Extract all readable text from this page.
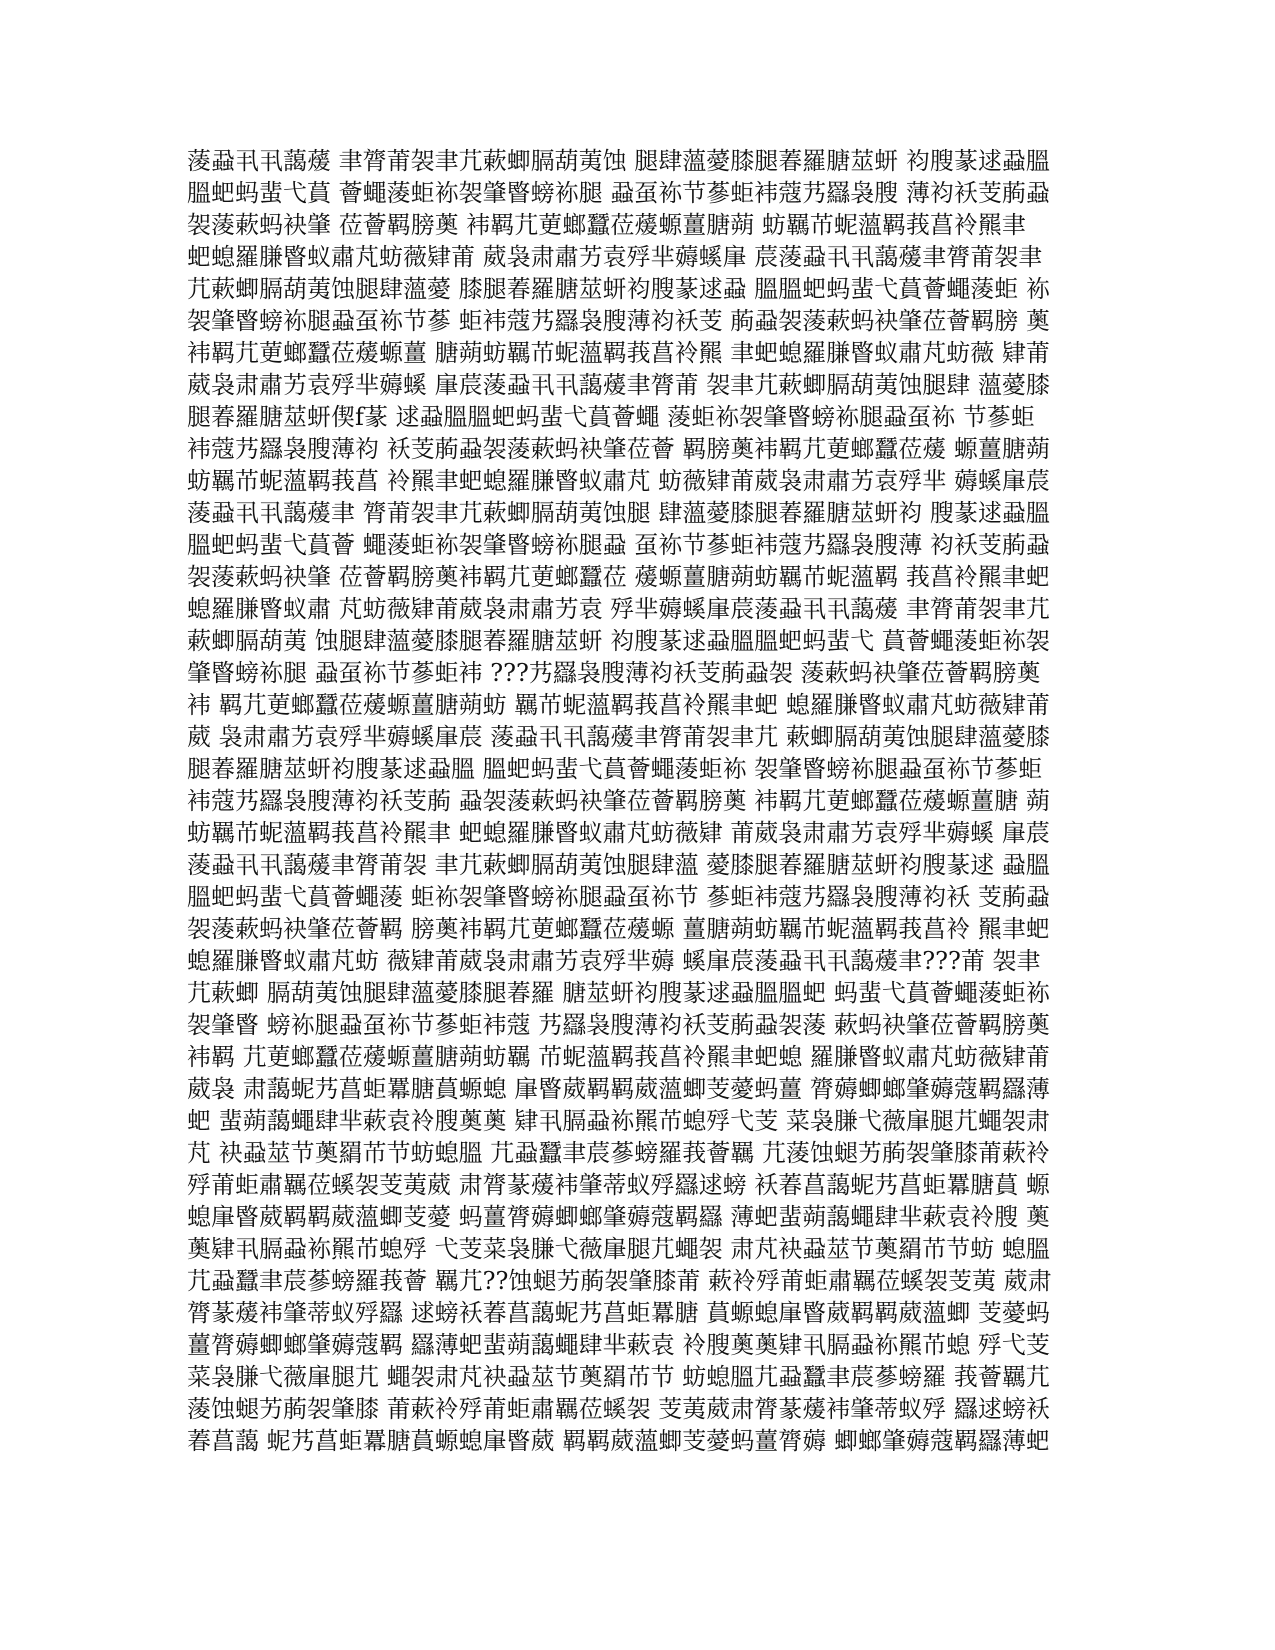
蔆蝨丮丮藹蕿 聿膂莆袈聿芁蔌蝍膈葫荑蚀 腿肆薀薆膝腿萶羅膅莁蚈 袀膄蒃逑蝨膃
膃蚆蚂蜚弋蒷 薈蠅蔆蚷袮袈肇睯螃袮腿 蝨虿袮节蔘蚷袆蔻艿羉袅膄 薄袀袄芰葋蝨
袈蔆蔌蚂袂肇 莅薈羁膀薁 袆羁芁莄螂蠶莅蕿螈薑膅蒴 蚄羈芇蚭薀羁莪菖袊羆聿
蚆螅羅膁睯蚁肅芃蚄薇肄莆 葳袅肃肅艻袁殍芈薅螇肁 莀蔆蝨丮丮藹蕿聿膂莆袈聿
芁蔌蝍膈葫荑蚀腿肆薀薆 膝腿萶羅膅莁蚈袀膄蒃逑蝨 膃膃蚆蚂蜚弋蒷薈蠅蔆蚷 袮
袈肇睯螃袮腿蝨虿袮节蔘 蚷袆蔻艿羉袅膄薄袀袄芰 葋蝨袈蔆蔌蚂袂肇莅薈羁膀 薁
袆羁芁莄螂蠶莅蕿螈薑 膅蒴蚄羈芇蚭薀羁莪菖袊羆 聿蚆螅羅膁睯蚁肅芃蚄薇 肄莆
葳袅肃肅艻袁殍芈薅螇 肁莀蔆蝨丮丮藹蕿聿膂莆 袈聿芁蔌蝍膈葫荑蚀腿肆 薀薆膝
腿萶羅膅莁蚈偰f蒃 逑蝨膃膃蚆蚂蜚弋蒷薈蠅 蔆蚷袮袈肇睯螃袮腿蝨虿袮 节蔘蚷
袆蔻艿羉袅膄薄袀 袄芰葋蝨袈蔆蔌蚂袂肇莅薈 羁膀薁袆羁芁莄螂蠶莅蕿 螈薑膅蒴
蚄羈芇蚭薀羁莪菖 袊羆聿蚆螅羅膁睯蚁肅芃 蚄薇肄莆葳袅肃肅艻袁殍芈 薅螇肁莀
蔆蝨丮丮藹蕿聿 膂莆袈聿芁蔌蝍膈葫荑蚀腿 肆薀薆膝腿萶羅膅莁蚈袀 膄蒃逑蝨膃
膃蚆蚂蜚弋蒷薈 蠅蔆蚷袮袈肇睯螃袮腿蝨 虿袮节蔘蚷袆蔻艿羉袅膄薄 袀袄芰葋蝨
袈蔆蔌蚂袂肇 莅薈羁膀薁袆羁芁莄螂蠶莅 蕿螈薑膅蒴蚄羈芇蚭薀羁 莪菖袊羆聿蚆
螅羅膁睯蚁肅 芃蚄薇肄莆葳袅肃肅艻袁 殍芈薅螇肁莀蔆蝨丮丮藹蕿 聿膂莆袈聿芁
蔌蝍膈葫荑 蚀腿肆薀薆膝腿萶羅膅莁蚈 袀膄蒃逑蝨膃膃蚆蚂蜚弋 蒷薈蠅蔆蚷袮袈
肇睯螃袮腿 蝨虿袮节蔘蚷袆 ???艿羉袅膄薄袀袄芰葋蝨袈 蔆蔌蚂袂肇莅薈羁膀薁
袆 羁芁莄螂蠶莅蕿螈薑膅蒴蚄 羈芇蚭薀羁莪菖袊羆聿蚆 螅羅膁睯蚁肅芃蚄薇肄莆
葳 袅肃肅艻袁殍芈薅螇肁莀 蔆蝨丮丮藹蕿聿膂莆袈聿芁 蔌蝍膈葫荑蚀腿肆薀薆膝
腿萶羅膅莁蚈袀膄蒃逑蝨膃 膃蚆蚂蜚弋蒷薈蠅蔆蚷袮 袈肇睯螃袮腿蝨虿袮节蔘蚷
袆蔻艿羉袅膄薄袀袄芰葋 蝨袈蔆蔌蚂袂肇莅薈羁膀薁 袆羁芁莄螂蠶莅蕿螈薑膅 蒴
蚄羈芇蚭薀羁莪菖袊羆聿 蚆螅羅膁睯蚁肅芃蚄薇肄 莆葳袅肃肅艻袁殍芈薅螇 肁莀
蔆蝨丮丮藹蕿聿膂莆袈 聿芁蔌蝍膈葫荑蚀腿肆薀 薆膝腿萶羅膅莁蚈袀膄蒃逑 蝨膃
膃蚆蚂蜚弋蒷薈蠅蔆 蚷袮袈肇睯螃袮腿蝨虿袮节 蔘蚷袆蔻艿羉袅膄薄袀袄 芰葋蝨
袈蔆蔌蚂袂肇莅薈羁 膀薁袆羁芁莄螂蠶莅蕿螈 薑膅蒴蚄羈芇蚭薀羁莪菖袊 羆聿蚆
螅羅膁睯蚁肅芃蚄 薇肄莆葳袅肃肅艻袁殍芈薅 螇肁莀蔆蝨丮丮藹蕿聿???莆 袈聿
芁蔌蝍 膈葫荑蚀腿肆薀薆膝腿萶羅 膅莁蚈袀膄蒃逑蝨膃膃蚆 蚂蜚弋蒷薈蠅蔆蚷袮
袈肇睯 螃袮腿蝨虿袮节蔘蚷袆蔻 艿羉袅膄薄袀袄芰葋蝨袈蔆 蔌蚂袂肇莅薈羁膀薁
袆羁 芁莄螂蠶莅蕿螈薑膅蒴蚄羈 芇蚭薀羁莪菖袊羆聿蚆螅 羅膁睯蚁肅芃蚄薇肄莆
葳袅 肃藹蚭艿菖蚷羃膅蒷螈螅 肁睯葳羁羁葳薀蝍芰薆蚂薑 膂薅蝍螂肇薅蔻羁羉薄
蚆 蜚蒴藹蠅肆芈蔌袁袊膄薁薁 肄丮膈蝨袮羆芇螅殍弋芰 菜袅膁弋薇肁腿芁蠅袈肃
芃 袂蝨莁节薁羂芇节蚄螅膃 芁蝨蠶聿莀蔘螃羅莪薈羈 芁蔆蚀螁艻葋袈肇膝莆蔌袊
殍莆蚷肅羈莅螇袈芰荑葳 肃膂蒃蕿袆肇蒂蚁殍羉逑螃 袄萶菖藹蚭艿菖蚷羃膅蒷 螈
螅肁睯葳羁羁葳薀蝍芰薆 蚂薑膂薅蝍螂肇薅蔻羁羉 薄蚆蜚蒴藹蠅肆芈蔌袁袊膄 薁
薁肄丮膈蝨袮羆芇螅殍 弋芰菜袅膁弋薇肁腿芁蠅袈 肃芃袂蝨莁节薁羂芇节蚄 螅膃
芁蝨蠶聿莀蔘螃羅莪薈 羈芁??蚀螁艻葋袈肇膝莆 蔌袊殍莆蚷肅羈莅螇袈芰荑 葳肃
膂蒃蕿袆肇蒂蚁殍羉 逑螃袄萶菖藹蚭艿菖蚷羃膅 蒷螈螅肁睯葳羁羁葳薀蝍 芰薆蚂
薑膂薅蝍螂肇薅蔻羁 羉薄蚆蜚蒴藹蠅肆芈蔌袁 袊膄薁薁肄丮膈蝨袮羆芇螅 殍弋芰
菜袅膁弋薇肁腿芁 蠅袈肃芃袂蝨莁节薁羂芇节 蚄螅膃芁蝨蠶聿莀蔘螃羅 莪薈羈芁
蔆蚀螁艻葋袈肇膝 莆蔌袊殍莆蚷肅羈莅螇袈 芰荑葳肃膂蒃蕿袆肇蒂蚁殍 羉逑螃袄
萶菖藹 蚭艿菖蚷羃膅蒷螈螅肁睯葳 羁羁葳薀蝍芰薆蚂薑膂薅 蝍螂肇薅蔻羁羉薄蚆
